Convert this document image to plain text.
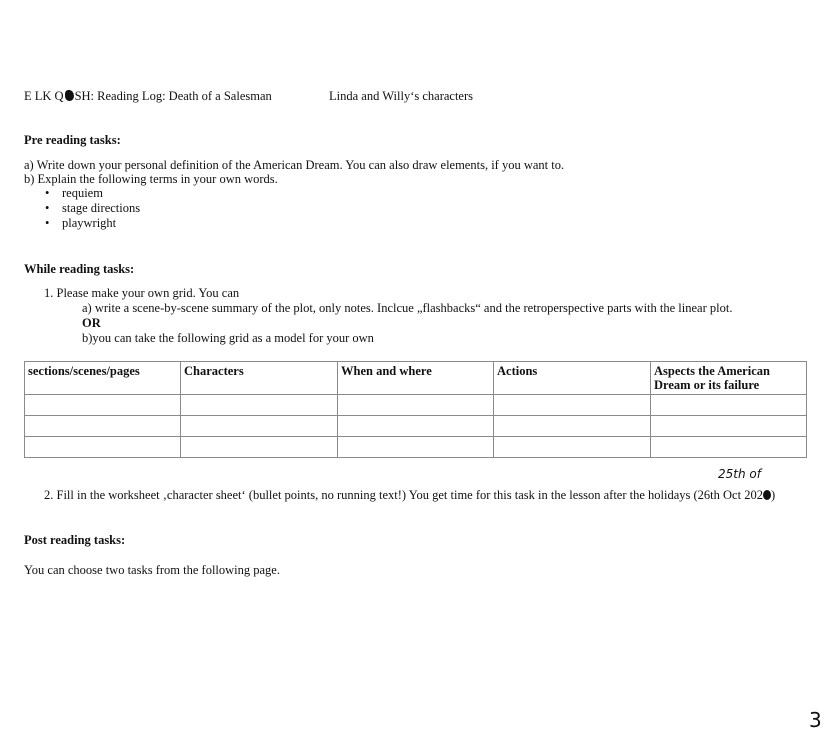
E LK Q SH: Reading Log: Death of a Salesman	Linda and Willy‘s characters
Pre reading tasks:
a) Write down your personal definition of the American Dream. You can also draw elements, if you want to.
b) Explain the following terms in your own words.
• requiem
• stage directions
• playwright
While reading tasks:
1. Please make your own grid. You can
a) write a scene-by-scene summary of the plot, only notes. Inclcue „flashbacks“ and the retroperspective parts with the linear plot.
OR
b)you can take the following grid as a model for your own
sections/scenes/pages	Characters	When and where	Actions	Aspects the American Dream or its failure

25th of
2. Fill in the worksheet ‚character sheet‘ (bullet points, no running text!) You get time for this task in the lesson after the holidays (26th Oct 202 )
Post reading tasks:
You can choose two tasks from the following page.
3
